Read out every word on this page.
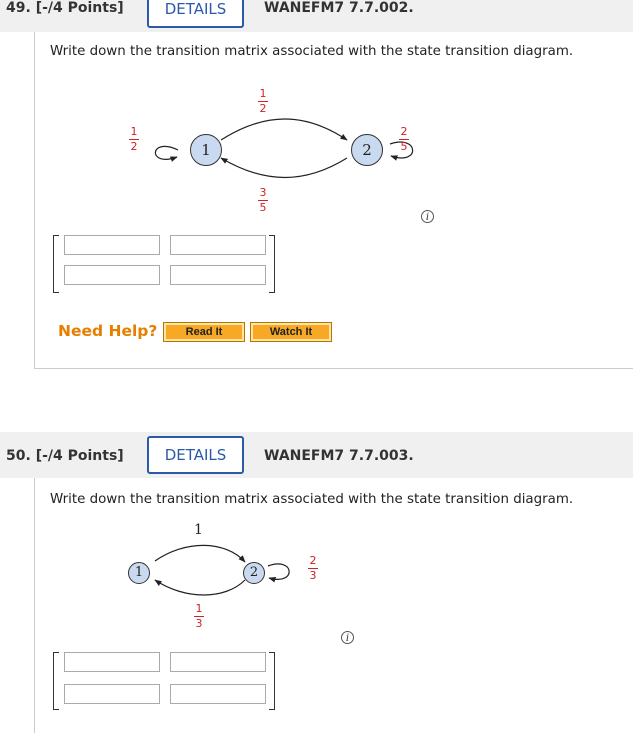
49. [-/4 Points]	DETAILS	WANEFM7 7.7.002.
Write down the transition matrix associated with the state transition diagram.
1	2
1
2
1
2
3
5
2
5
i
Need Help?	Read It	Watch It
50. [-/4 Points]	DETAILS	WANEFM7 7.7.003.
Write down the transition matrix associated with the state transition diagram.
1	2
1
1
3
2
3
i
